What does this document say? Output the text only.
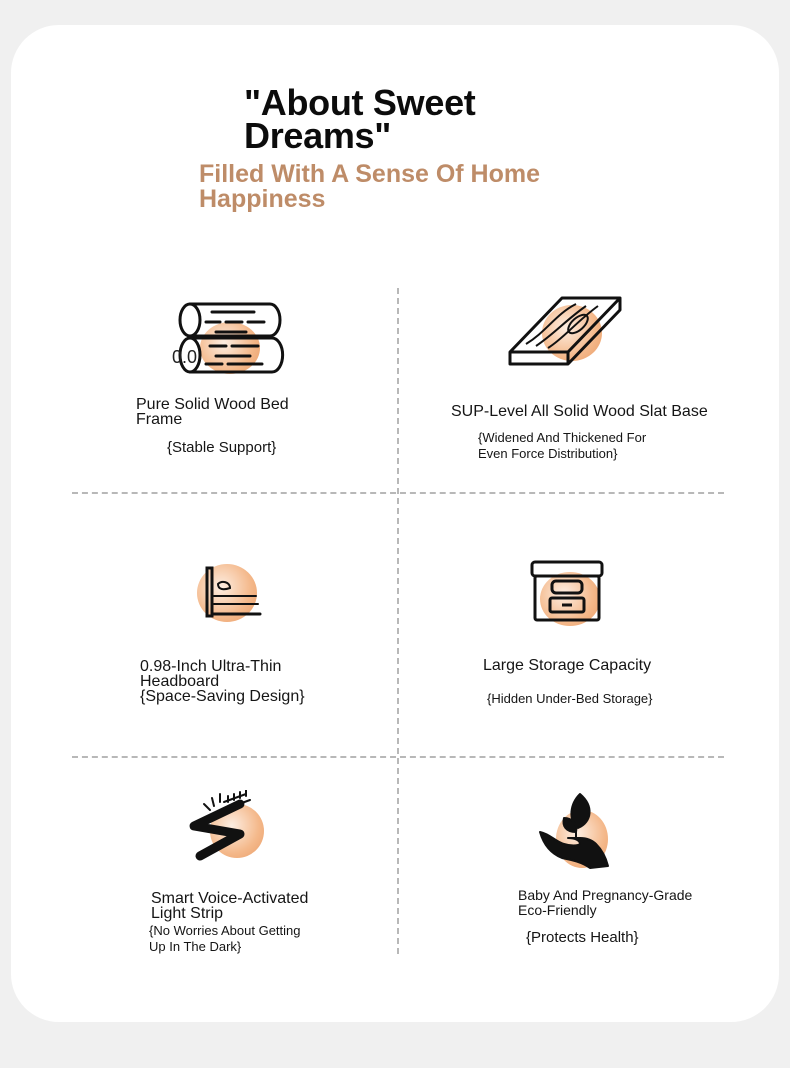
"About Sweet Dreams"
Filled With A Sense Of Home Happiness
0.0
Pure Solid Wood Bed
Frame
{Stable Support}
SUP-Level All Solid Wood Slat Base
{Widened And Thickened For
Even Force Distribution}
0.98-Inch Ultra-Thin
Headboard
{Space-Saving Design}
Large Storage Capacity
{Hidden Under-Bed Storage}
Smart Voice-Activated
Light Strip
{No Worries About Getting
Up In The Dark}
Baby And Pregnancy-Grade
Eco-Friendly
{Protects Health}
